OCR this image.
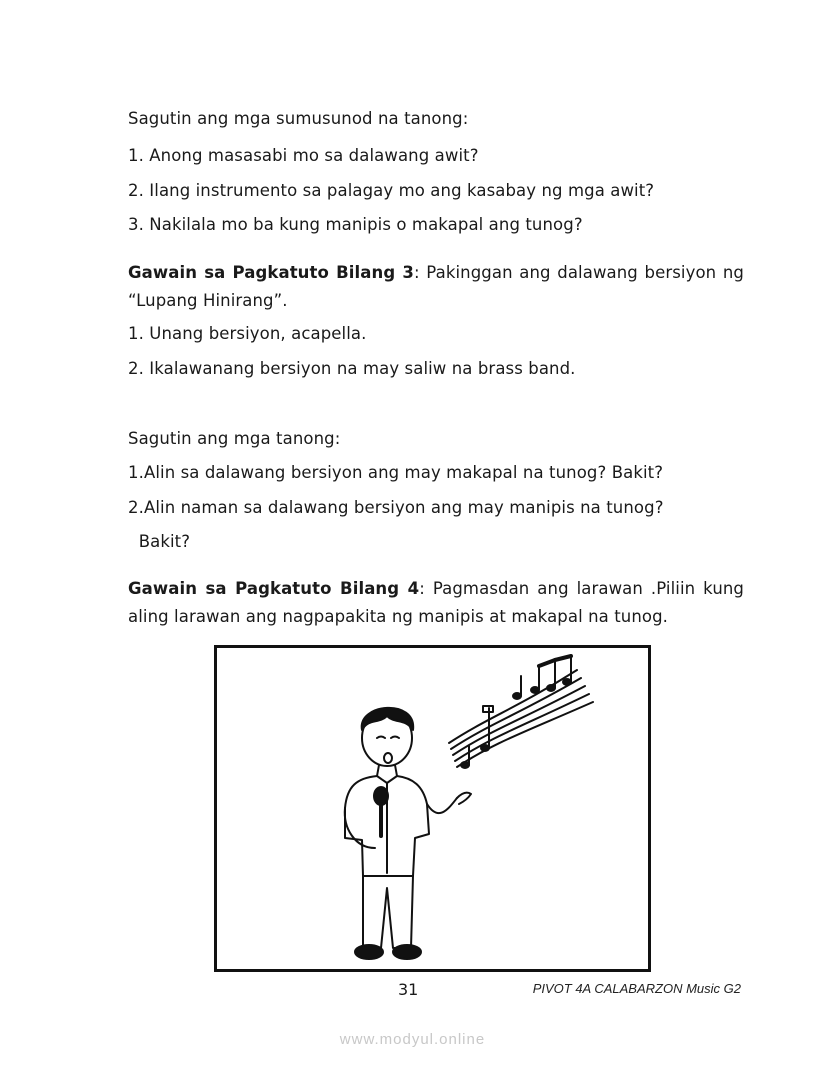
Sagutin ang mga sumusunod na tanong:
1. Anong masasabi mo sa dalawang awit?
2. Ilang instrumento sa palagay mo ang kasabay ng mga awit?
3. Nakilala mo ba kung manipis o makapal ang tunog?
Gawain sa Pagkatuto Bilang 3: Pakinggan ang dalawang bersiyon ng
“Lupang Hinirang”.
1. Unang bersiyon, acapella.
2. Ikalawanang bersiyon na may saliw na brass band.
Sagutin ang mga tanong:
1.Alin sa dalawang bersiyon ang may makapal na tunog? Bakit?
2.Alin naman sa dalawang bersiyon ang may manipis na tunog?
Bakit?
Gawain sa Pagkatuto Bilang 4: Pagmasdan ang larawan .Piliin kung
aling larawan ang nagpapakita ng manipis at makapal na tunog.
31	PIVOT 4A CALABARZON Music G2
www.modyul.online
